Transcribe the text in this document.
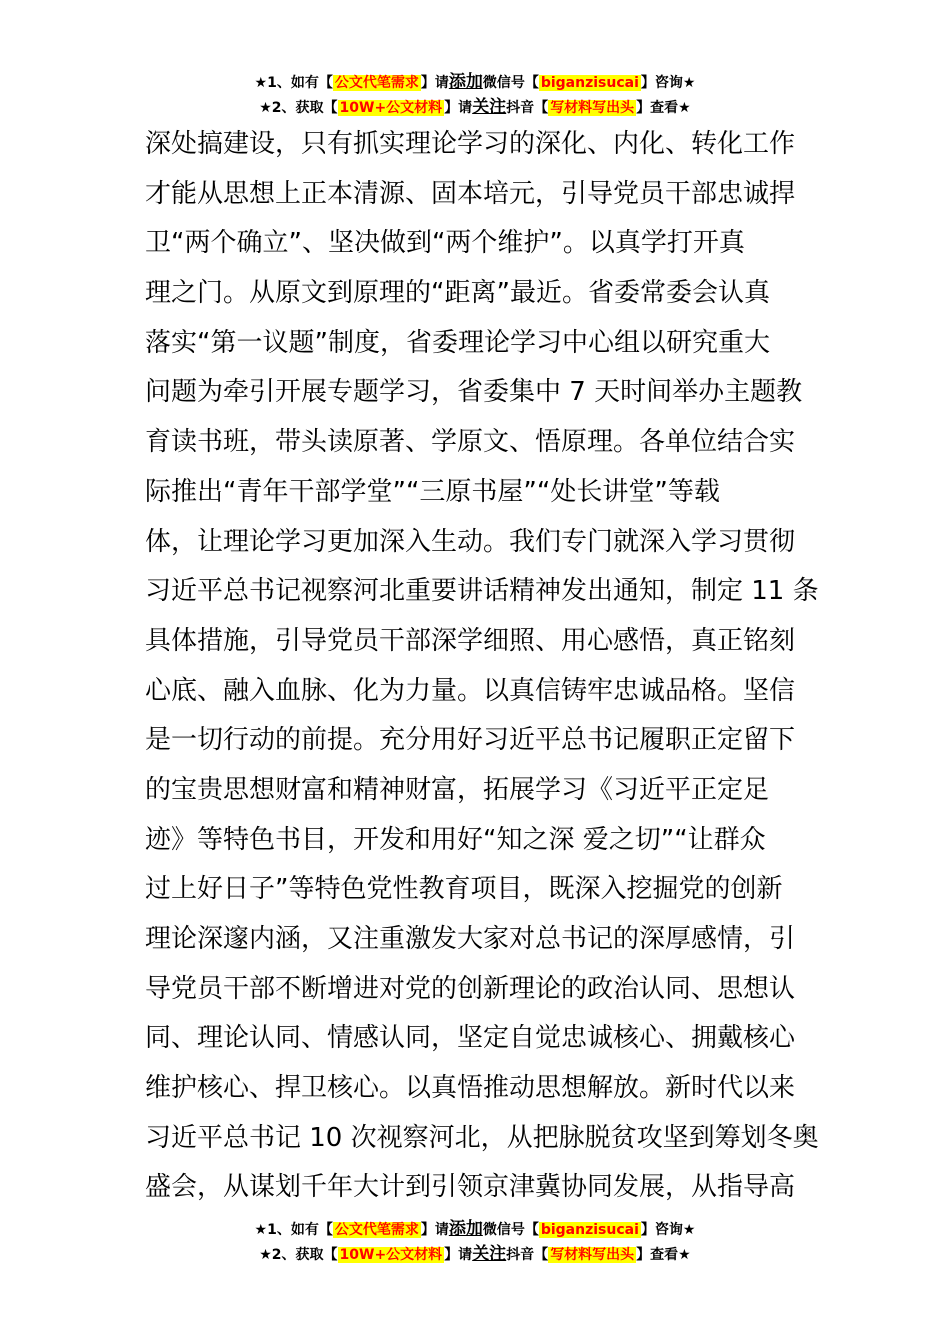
★1、如有【 公文代笔需求 】请添加微信号【 biganzisucai 】咨询★
★2、获取【 10W+公文材料 】请关注抖音【 写材料写出头 】查看★
深处搞建设，只有抓实理论学习的深化、内化、转化工作
才能从思想上正本清源、固本培元，引导党员干部忠诚捍
卫“两个确立”、坚决做到“两个维护”。以真学打开真
理之门。从原文到原理的“距离”最近。省委常委会认真
落实“第一议题”制度，省委理论学习中心组以研究重大
问题为牵引开展专题学习，省委集中 7 天时间举办主题教
育读书班，带头读原著、学原文、悟原理。各单位结合实
际推出“青年干部学堂”“三原书屋”“处长讲堂”等载
体，让理论学习更加深入生动。我们专门就深入学习贯彻
习近平总书记视察河北重要讲话精神发出通知，制定 11 条
具体措施，引导党员干部深学细照、用心感悟，真正铭刻
心底、融入血脉、化为力量。以真信铸牢忠诚品格。坚信
是一切行动的前提。充分用好习近平总书记履职正定留下
的宝贵思想财富和精神财富，拓展学习《习近平正定足
迹》等特色书目，开发和用好“知之深 爱之切”“让群众
过上好日子”等特色党性教育项目，既深入挖掘党的创新
理论深邃内涵，又注重激发大家对总书记的深厚感情，引
导党员干部不断增进对党的创新理论的政治认同、思想认
同、理论认同、情感认同，坚定自觉忠诚核心、拥戴核心
维护核心、捍卫核心。以真悟推动思想解放。新时代以来
习近平总书记 10 次视察河北，从把脉脱贫攻坚到筹划冬奥
盛会，从谋划千年大计到引领京津冀协同发展，从指导高
★1、如有【 公文代笔需求 】请添加微信号【 biganzisucai 】咨询★
★2、获取【 10W+公文材料 】请关注抖音【 写材料写出头 】查看★
